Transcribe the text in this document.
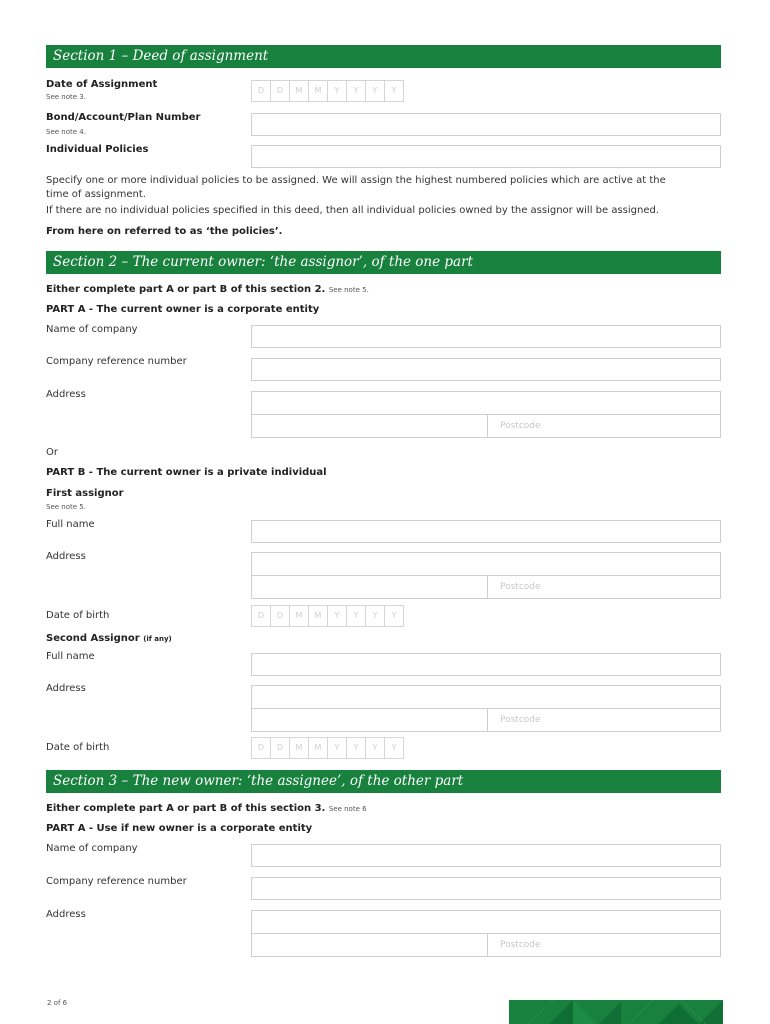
Section 1 – Deed of assignment
Date of Assignment
See note 3.
D	D	M	M	Y	Y	Y	Y
Bond/Account/Plan Number
See note 4.
Individual Policies
Specify one or more individual policies to be assigned. We will assign the highest numbered policies which are active at the
time of assignment.
If there are no individual policies specified in this deed, then all individual policies owned by the assignor will be assigned.
From here on referred to as ‘the policies’.
Section 2 – The current owner: ‘the assignor’, of the one part
Either complete part A or part B of this section 2. See note 5.
PART A - The current owner is a corporate entity
Name of company
Company reference number
Address
Postcode
Or
PART B - The current owner is a private individual
First assignor
See note 5.
Full name
Address
Postcode
Date of birth	D	D	M	M	Y	Y	Y	Y
Second Assignor (if any)
Full name
Address
Postcode
Date of birth	D	D	M	M	Y	Y	Y	Y
Section 3 – The new owner: ‘the assignee’, of the other part
Either complete part A or part B of this section 3. See note 6
PART A - Use if new owner is a corporate entity
Name of company
Company reference number
Address
Postcode
2 of 6
